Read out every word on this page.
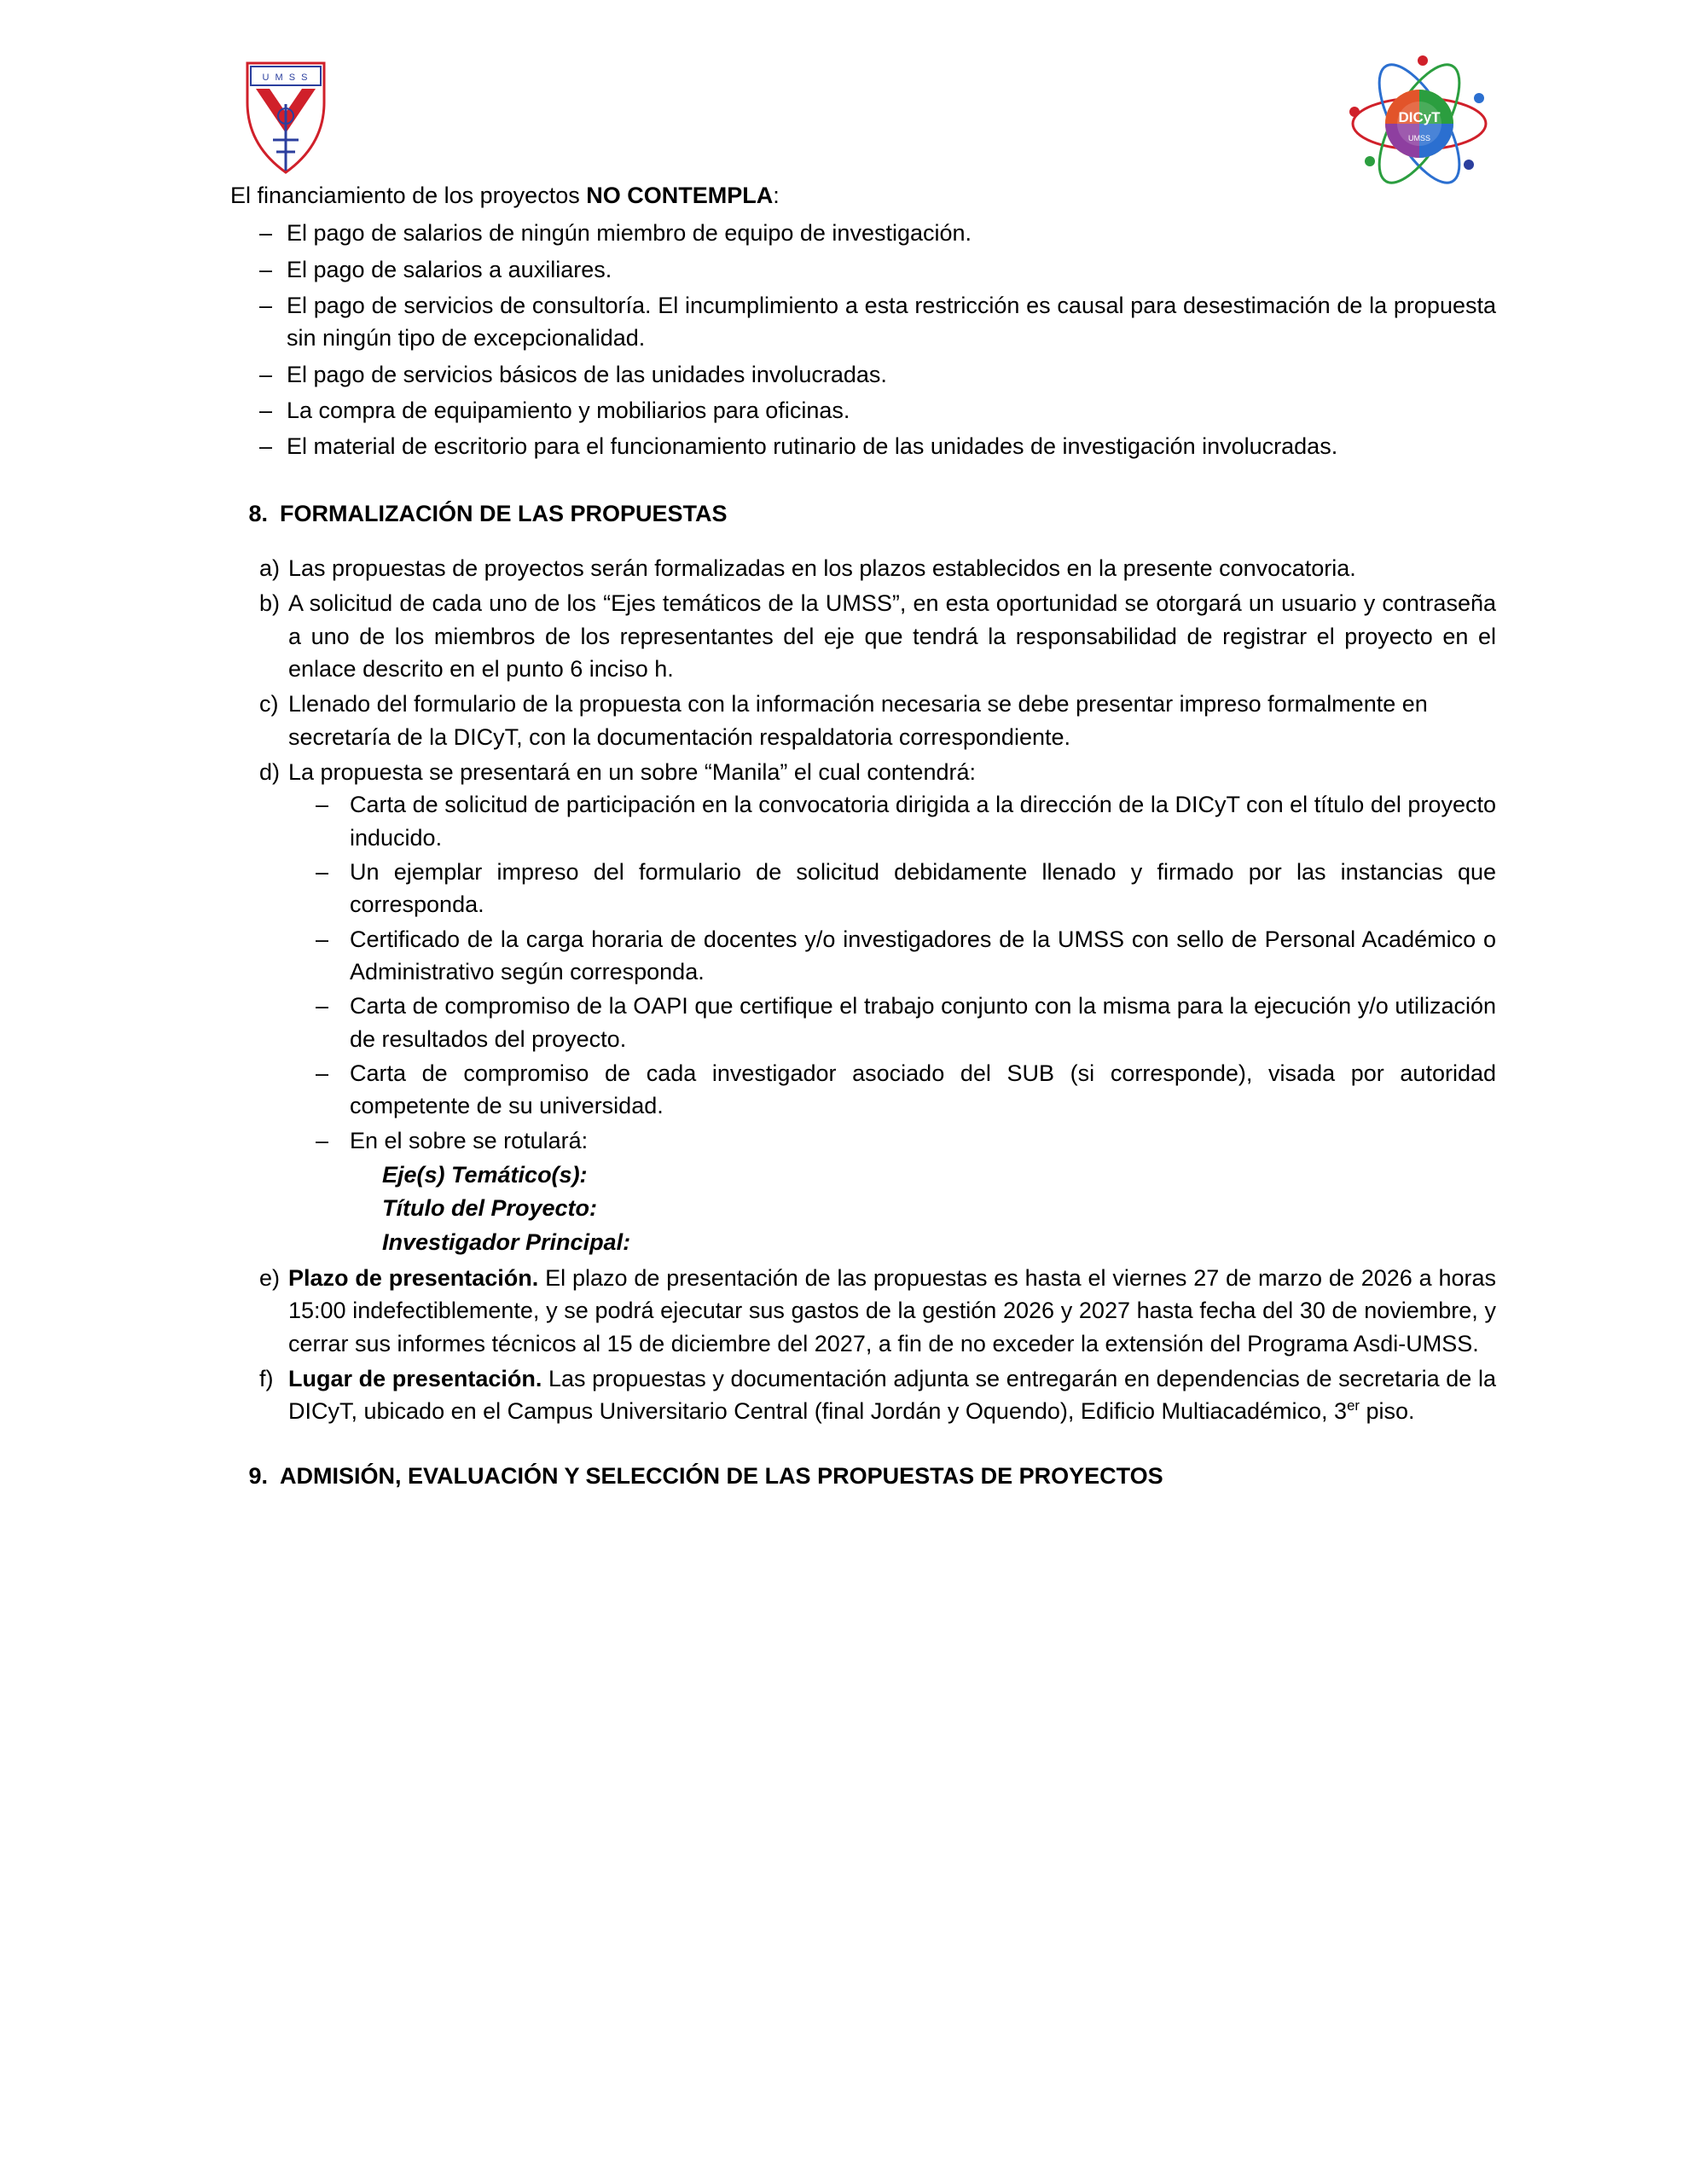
U M S S
DICyT
UMSS

El financiamiento de los proyectos NO CONTEMPLA:

– El pago de salarios de ningún miembro de equipo de investigación.
– El pago de salarios a auxiliares.
– El pago de servicios de consultoría. El incumplimiento a esta restricción es causal para desestimación de la propuesta sin ningún tipo de excepcionalidad.
– El pago de servicios básicos de las unidades involucradas.
– La compra de equipamiento y mobiliarios para oficinas.
– El material de escritorio para el funcionamiento rutinario de las unidades de investigación involucradas.
8. FORMALIZACIÓN DE LAS PROPUESTAS
a) Las propuestas de proyectos serán formalizadas en los plazos establecidos en la presente convocatoria.
b) A solicitud de cada uno de los “Ejes temáticos de la UMSS”, en esta oportunidad se otorgará un usuario y contraseña a uno de los miembros de los representantes del eje que tendrá la responsabilidad de registrar el proyecto en el enlace descrito en el punto 6 inciso h.
c) Llenado del formulario de la propuesta con la información necesaria se debe presentar impreso formalmente en secretaría de la DICyT, con la documentación respaldatoria correspondiente.
d) La propuesta se presentará en un sobre “Manila” el cual contendrá:
– Carta de solicitud de participación en la convocatoria dirigida a la dirección de la DICyT con el título del proyecto inducido.
– Un ejemplar impreso del formulario de solicitud debidamente llenado y firmado por las instancias que corresponda.
– Certificado de la carga horaria de docentes y/o investigadores de la UMSS con sello de Personal Académico o Administrativo según corresponda.
– Carta de compromiso de la OAPI que certifique el trabajo conjunto con la misma para la ejecución y/o utilización de resultados del proyecto.
– Carta de compromiso de cada investigador asociado del SUB (si corresponde), visada por autoridad competente de su universidad.
– En el sobre se rotulará:
Eje(s) Temático(s):
Título del Proyecto:
Investigador Principal:
e) Plazo de presentación. El plazo de presentación de las propuestas es hasta el viernes 27 de marzo de 2026 a horas 15:00 indefectiblemente, y se podrá ejecutar sus gastos de la gestión 2026 y 2027 hasta fecha del 30 de noviembre, y cerrar sus informes técnicos al 15 de diciembre del 2027, a fin de no exceder la extensión del Programa Asdi-UMSS.
f) Lugar de presentación. Las propuestas y documentación adjunta se entregarán en dependencias de secretaria de la DICyT, ubicado en el Campus Universitario Central (final Jordán y Oquendo), Edificio Multiacadémico, 3er piso.
9. ADMISIÓN, EVALUACIÓN Y SELECCIÓN DE LAS PROPUESTAS DE PROYECTOS
